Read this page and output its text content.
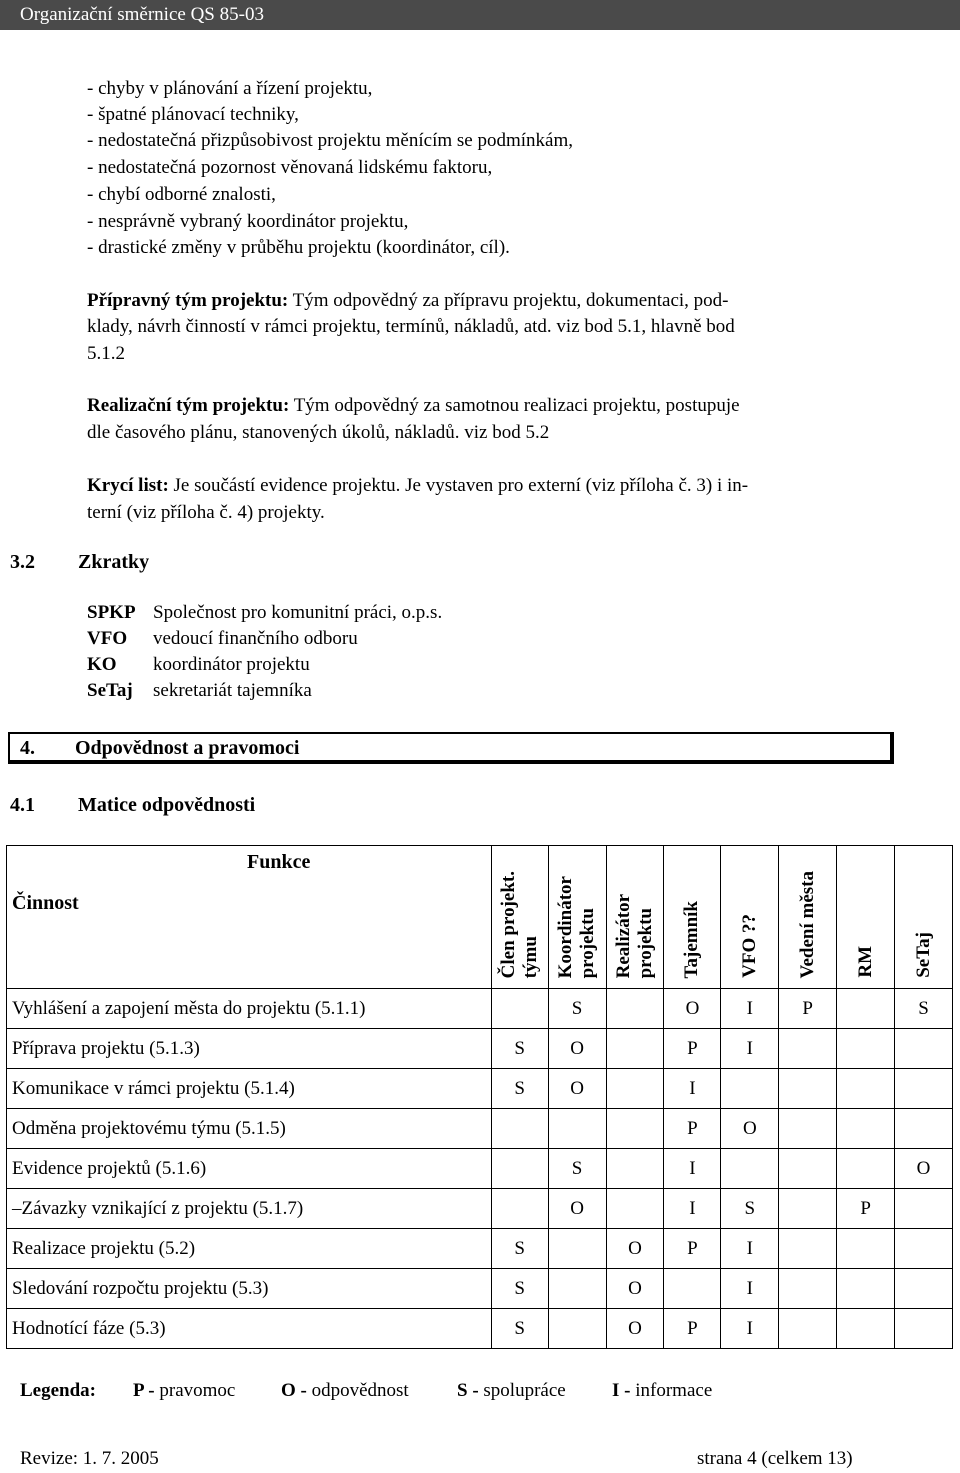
Organizační směrnice QS 85-03
- chyby v plánování a řízení projektu,
- špatné plánovací techniky,
- nedostatečná přizpůsobivost projektu měnícím se podmínkám,
- nedostatečná pozornost věnovaná lidskému faktoru,
- chybí odborné znalosti,
- nesprávně vybraný koordinátor projektu,
- drastické změny v průběhu projektu (koordinátor, cíl).
Přípravný tým projektu: Tým odpovědný za přípravu projektu, dokumentaci, pod-
klady, návrh činností v rámci projektu, termínů, nákladů, atd. viz bod 5.1, hlavně bod
5.1.2
Realizační tým projektu: Tým odpovědný za samotnou realizaci projektu, postupuje
dle časového plánu, stanovených úkolů, nákladů. viz bod 5.2
Krycí list: Je součástí evidence projektu. Je vystaven pro externí (viz příloha č. 3) i in-
terní (viz příloha č. 4) projekty.
3.2 Zkratky
SPKP Společnost pro komunitní práci, o.p.s.
VFO vedoucí finančního odboru
KO koordinátor projektu
SeTaj sekretariát tajemníka
4. Odpovědnost a pravomoci
4.1 Matice odpovědnosti
Funkce
Činnost	Člen projekt.
týmu	Koordinátor
projektu	Realizátor
projektu	Tajemník	VFO ??	Vedení města	RM	SeTaj
Vyhlášení a zapojení města do projektu (5.1.1)		S		O	I	P		S
Příprava projektu (5.1.3)	S	O		P	I			
Komunikace v rámci projektu (5.1.4)	S	O		I				
Odměna projektovému týmu (5.1.5)				P	O			
Evidence projektů (5.1.6)		S		I				O
–Závazky vznikající z projektu (5.1.7)		O		I	S		P	
Realizace projektu (5.2)	S		O	P	I			
Sledování rozpočtu projektu (5.3)	S		O		I			
Hodnotící fáze (5.3)	S		O	P	I			
Legenda: P - pravomoc O - odpovědnost	S - spolupráce I - informace
Revize: 1. 7. 2005	strana 4 (celkem 13)
